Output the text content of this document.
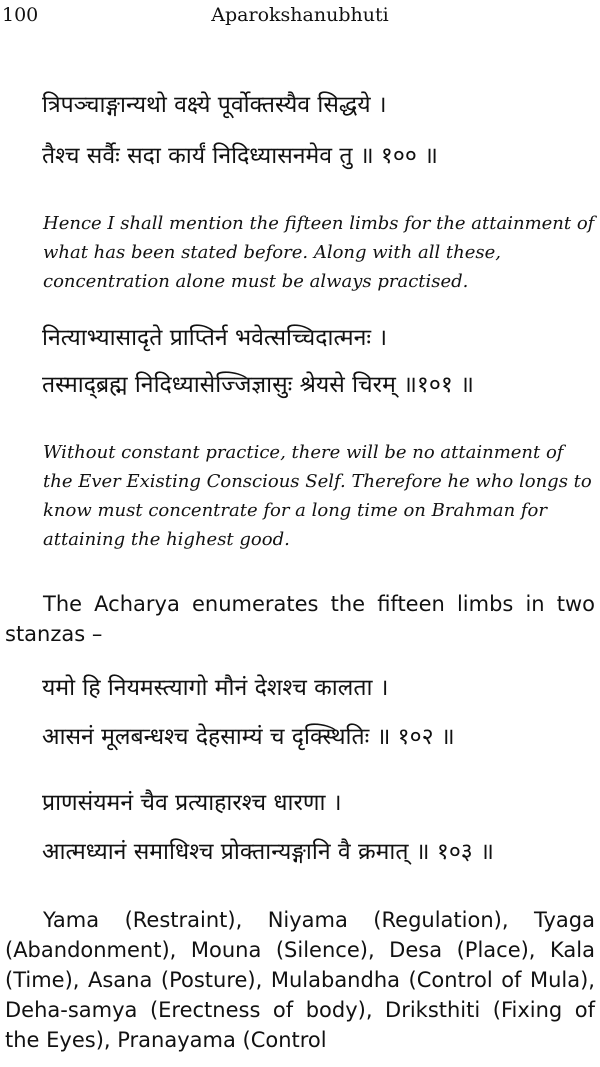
100	Aparokshanubhuti
त्रिपञ्चाङ्गान्यथो वक्ष्ये पूर्वोक्तस्यैव सिद्धये ।
तैश्च सर्वैः सदा कार्यं निदिध्यासनमेव तु ॥ १०० ॥
Hence I shall mention the fifteen limbs for the attainment of what has been stated before. Along with all these, concentration alone must be always practised.
नित्याभ्यासादृते प्राप्तिर्न भवेत्सच्चिदात्मनः ।
तस्माद्ब्रह्म निदिध्यासेज्जिज्ञासुः श्रेयसे चिरम् ॥१०१ ॥
Without constant practice, there will be no attainment of the Ever Existing Conscious Self. Therefore he who longs to know must concentrate for a long time on Brahman for attaining the highest good.
The Acharya enumerates the fifteen limbs in two stanzas –
यमो हि नियमस्त्यागो मौनं देशश्च कालता ।
आसनं मूलबन्धश्च देहसाम्यं च दृक्स्थितिः ॥ १०२ ॥
प्राणसंयमनं चैव प्रत्याहारश्च धारणा ।
आत्मध्यानं समाधिश्च प्रोक्तान्यङ्गानि वै क्रमात् ॥ १०३ ॥
Yama (Restraint), Niyama (Regulation), Tyaga (Abandonment), Mouna (Silence), Desa (Place), Kala (Time), Asana (Posture), Mulabandha (Control of Mula), Deha-samya (Erectness of body), Driksthiti (Fixing of the Eyes), Pranayama (Control
